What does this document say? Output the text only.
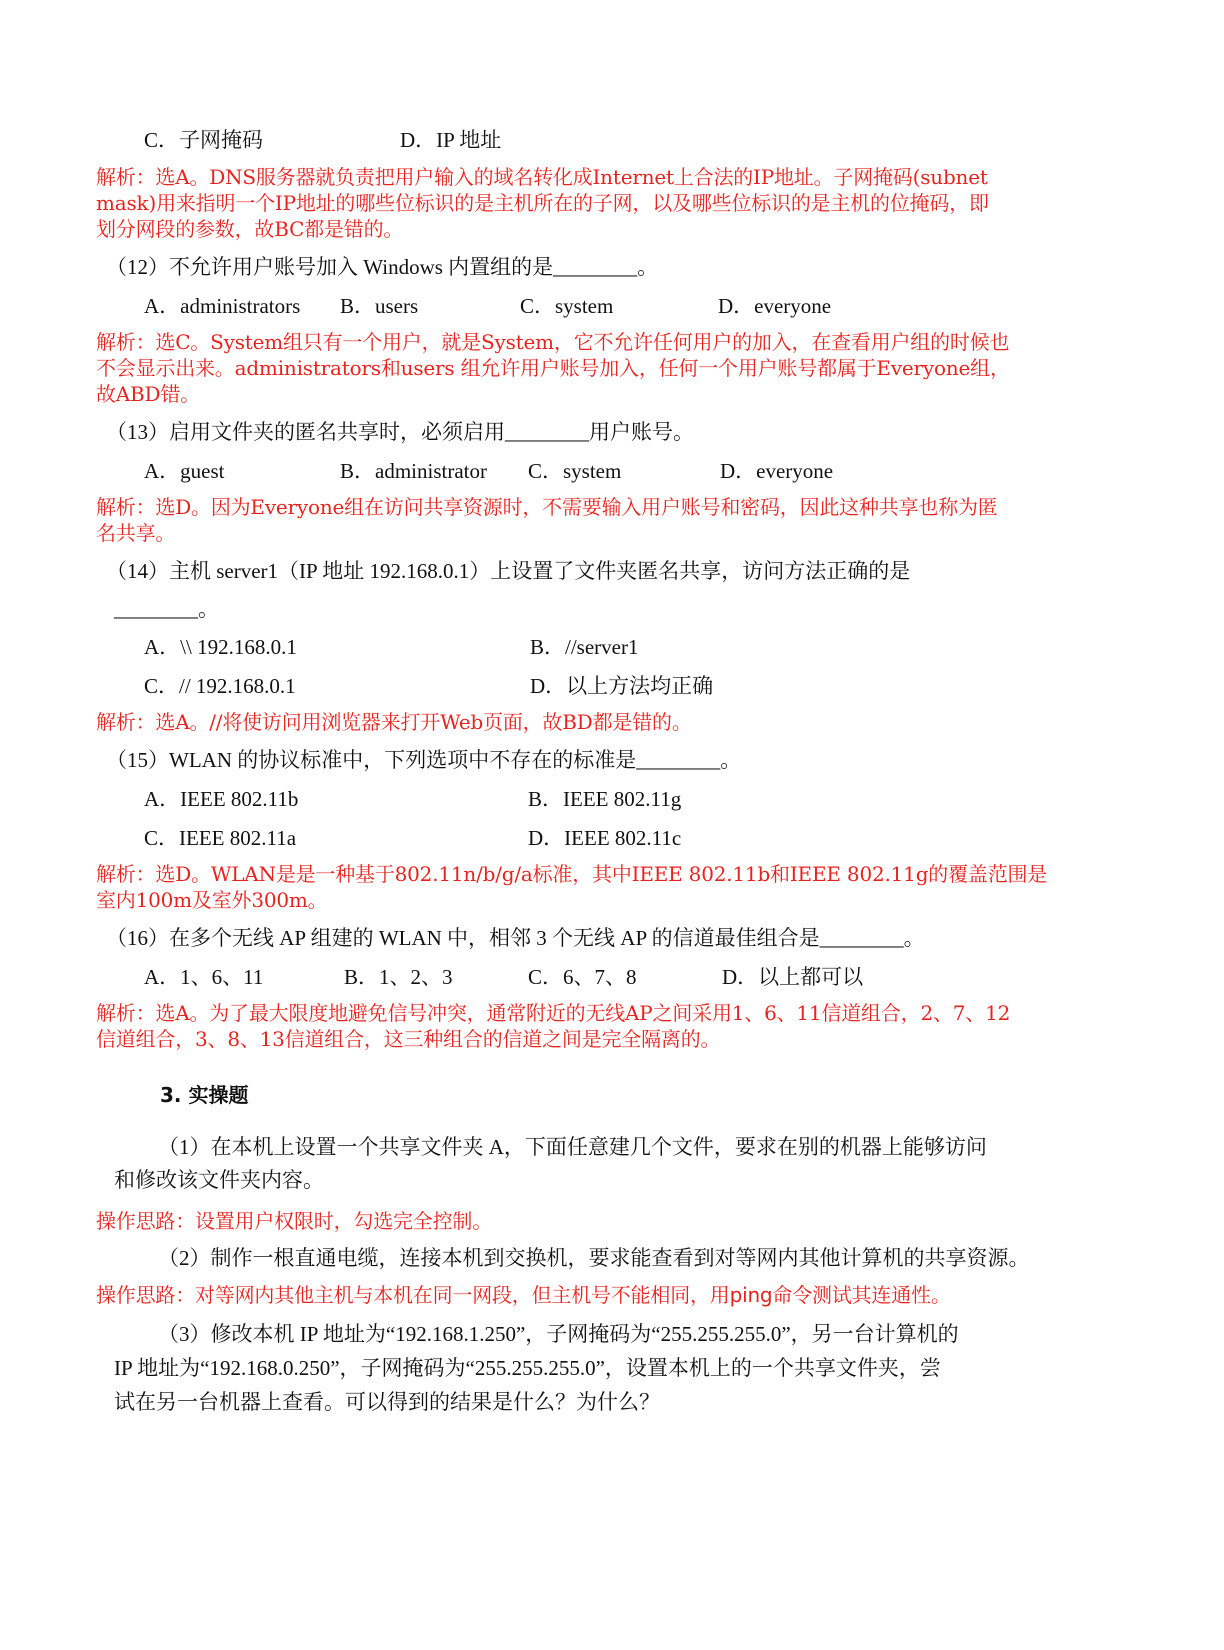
C．子网掩码	D．IP 地址
解析：选A。DNS服务器就负责把用户输入的域名转化成Internet上合法的IP地址。子网掩码(subnet
mask)用来指明一个IP地址的哪些位标识的是主机所在的子网，以及哪些位标识的是主机的位掩码，即
划分网段的参数，故BC都是错的。
（12）不允许用户账号加入 Windows 内置组的是________。
A．administrators B．users	C．system	D．everyone
解析：选C。System组只有一个用户，就是System，它不允许任何用户的加入，在查看用户组的时候也
不会显示出来。administrators和users 组允许用户账号加入，任何一个用户账号都属于Everyone组，
故ABD错。
（13）启用文件夹的匿名共享时，必须启用________用户账号。
A．guest	B．administrator C．system	D．everyone
解析：选D。因为Everyone组在访问共享资源时，不需要输入用户账号和密码，因此这种共享也称为匿
名共享。
（14）主机 server1（IP 地址 192.168.0.1）上设置了文件夹匿名共享，访问方法正确的是
________。
A．\\ 192.168.0.1	B．//server1
C．// 192.168.0.1	D．以上方法均正确
解析：选A。//将使访问用浏览器来打开Web页面，故BD都是错的。
（15）WLAN 的协议标准中，下列选项中不存在的标准是________。
A．IEEE 802.11b	B．IEEE 802.11g
C．IEEE 802.11a	D．IEEE 802.11c
解析：选D。WLAN是是一种基于802.11n/b/g/a标准，其中IEEE 802.11b和IEEE 802.11g的覆盖范围是
室内100m及室外300m。
（16）在多个无线 AP 组建的 WLAN 中，相邻 3 个无线 AP 的信道最佳组合是________。
A．1、6、11	B．1、2、3	C．6、7、8	D．以上都可以
解析：选A。为了最大限度地避免信号冲突，通常附近的无线AP之间采用1、6、11信道组合，2、7、12
信道组合，3、8、13信道组合，这三种组合的信道之间是完全隔离的。
3. 实操题
（1）在本机上设置一个共享文件夹 A，下面任意建几个文件，要求在别的机器上能够访问
和修改该文件夹内容。
操作思路：设置用户权限时，勾选完全控制。
（2）制作一根直通电缆，连接本机到交换机，要求能查看到对等网内其他计算机的共享资源。
操作思路：对等网内其他主机与本机在同一网段，但主机号不能相同，用ping命令测试其连通性。
（3）修改本机 IP 地址为“192.168.1.250”，子网掩码为“255.255.255.0”，另一台计算机的
IP 地址为“192.168.0.250”，子网掩码为“255.255.255.0”，设置本机上的一个共享文件夹，尝
试在另一台机器上查看。可以得到的结果是什么？为什么？
